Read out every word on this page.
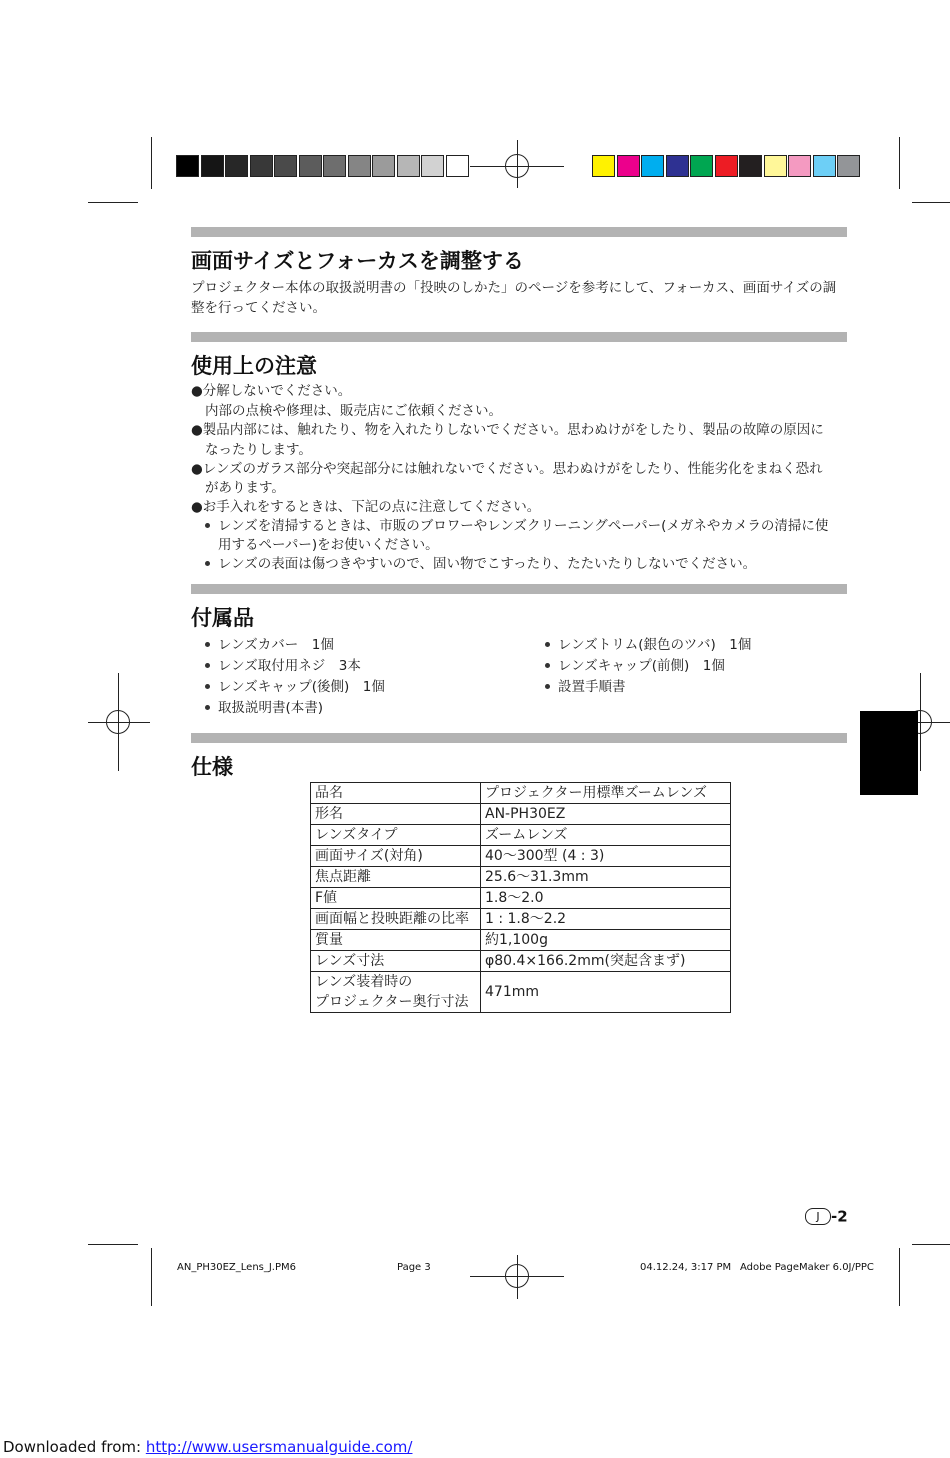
画面サイズとフォーカスを調整する
プロジェクター本体の取扱説明書の「投映のしかた」のページを参考にして、フォーカス、画面サイズの調
整を行ってください。
使用上の注意
●分解しないでください。
内部の点検や修理は、販売店にご依頼ください。
●製品内部には、触れたり、物を入れたりしないでください。思わぬけがをしたり、製品の故障の原因に
なったりします。
●レンズのガラス部分や突起部分には触れないでください。思わぬけがをしたり、性能劣化をまねく恐れ
があります。
●お手入れをするときは、下記の点に注意してください。
レンズを清掃するときは、市販のブロワーやレンズクリーニングペーパー(メガネやカメラの清掃に使
用するペーパー)をお使いください。
レンズの表面は傷つきやすいので、固い物でこすったり、たたいたりしないでください。
付属品
レンズカバー　1個
レンズ取付用ネジ　3本
レンズキャップ(後側)　1個
取扱説明書(本書)
レンズトリム(銀色のツバ)　1個
レンズキャップ(前側)　1個
設置手順書
仕様
品名	プロジェクター用標準ズームレンズ
形名	AN-PH30EZ
レンズタイプ	ズームレンズ
画面サイズ(対角)	40〜300型 (4 : 3)
焦点距離	25.6〜31.3mm
F値	1.8〜2.0
画面幅と投映距離の比率	1 : 1.8〜2.2
質量	約1,100g
レンズ寸法	φ80.4×166.2mm(突起含まず)

レンズ装着時の
プロジェクター奥行寸法	471mm
J -2
AN_PH30EZ_Lens_J.PM6	Page 3	04.12.24, 3:17 PM Adobe PageMaker 6.0J/PPC
Downloaded from: http://www.usersmanualguide.com/
